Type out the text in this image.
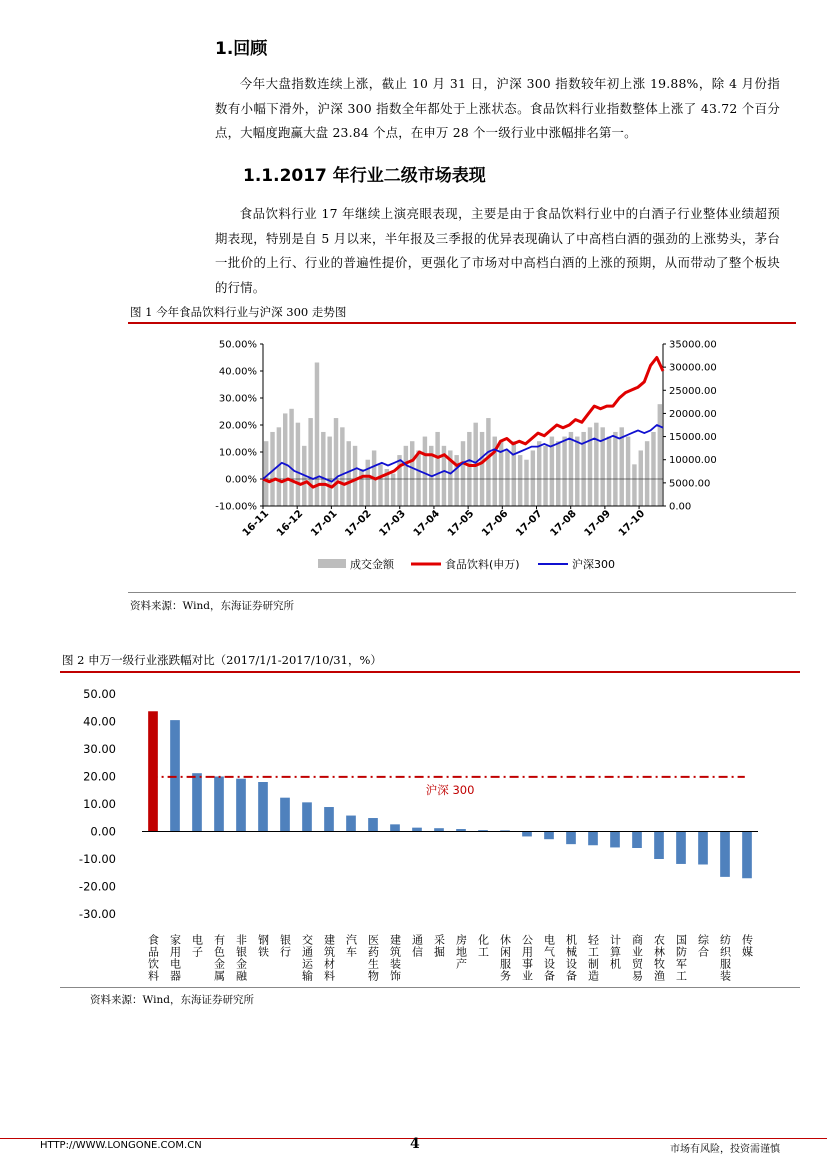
1.回顾

今年大盘指数连续上涨，截止 10 月 31 日，沪深 300 指数较年初上涨 19.88%，除 4 月份指数有小幅下滑外，沪深 300 指数全年都处于上涨状态。食品饮料行业指数整体上涨了 43.72 个百分点，大幅度跑赢大盘 23.84 个点，在申万 28 个一级行业中涨幅排名第一。

1.1.2017 年行业二级市场表现

食品饮料行业 17 年继续上演亮眼表现，主要是由于食品饮料行业中的白酒子行业整体业绩超预期表现，特别是自 5 月以来，半年报及三季报的优异表现确认了中高档白酒的强劲的上涨势头，茅台一批价的上行、行业的普遍性提价，更强化了市场对中高档白酒的上涨的预期，从而带动了整个板块的行情。

图 1 今年食品饮料行业与沪深 300 走势图
50.00%
40.00%
30.00%
20.00%
10.00%
0.00%
-10.00%
35000.00
30000.00
25000.00
20000.00
15000.00
10000.00
5000.00
0.00
16-11 16-12 17-01 17-02 17-03 17-04 17-05 17-06 17-07 17-08 17-09 17-10
成交金额	食品饮料(申万)	沪深300
资料来源：Wind，东海证券研究所
图 2 申万一级行业涨跌幅对比（2017/1/1-2017/10/31，%）
50.00
40.00
30.00
20.00
10.00
0.00
-10.00
-20.00
-30.00
沪深 300
食品饮料 家用电器 电子 有色金属 非银金融 钢铁 银行 交通运输 建筑材料 汽车 医药生物 建筑装饰 通信 采掘 房地产 化工 休闲服务 公用事业 电气设备 机械设备 轻工制造 计算机 商业贸易 农林牧渔 国防军工 综合 纺织服装 传媒
资料来源：Wind，东海证券研究所
HTTP://WWW.LONGONE.COM.CN	4	市场有风险，投资需谨慎
